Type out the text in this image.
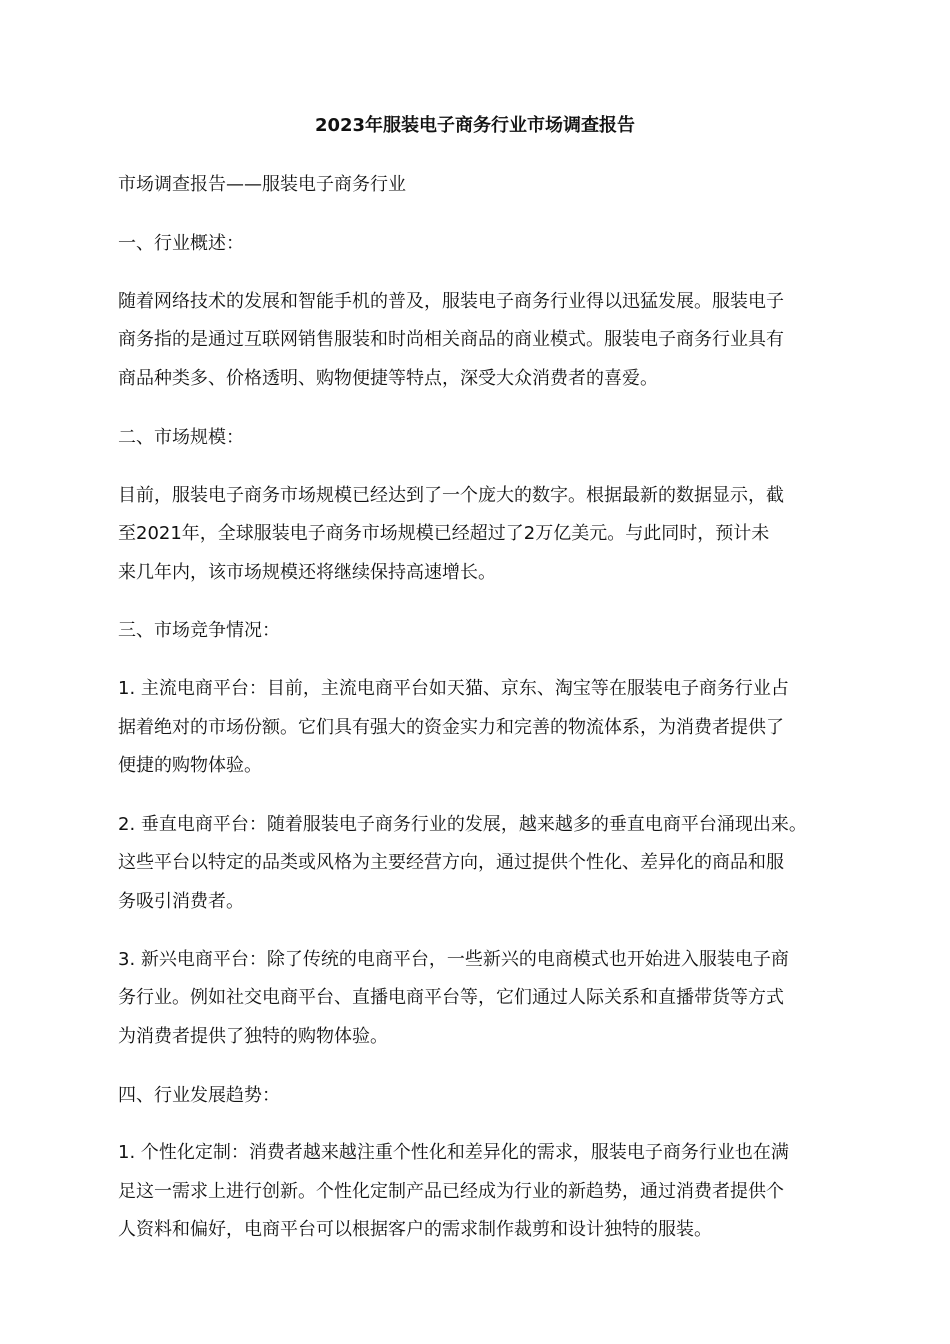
2023年服装电子商务行业市场调查报告
市场调查报告——服装电子商务行业
一、行业概述：
随着网络技术的发展和智能手机的普及，服装电子商务行业得以迅猛发展。服装电子
商务指的是通过互联网销售服装和时尚相关商品的商业模式。服装电子商务行业具有
商品种类多、价格透明、购物便捷等特点，深受大众消费者的喜爱。
二、市场规模：
目前，服装电子商务市场规模已经达到了一个庞大的数字。根据最新的数据显示，截
至2021年，全球服装电子商务市场规模已经超过了2万亿美元。与此同时，预计未
来几年内，该市场规模还将继续保持高速增长。
三、市场竞争情况：
1. 主流电商平台：目前，主流电商平台如天猫、京东、淘宝等在服装电子商务行业占
据着绝对的市场份额。它们具有强大的资金实力和完善的物流体系，为消费者提供了
便捷的购物体验。
2. 垂直电商平台：随着服装电子商务行业的发展，越来越多的垂直电商平台涌现出来。
这些平台以特定的品类或风格为主要经营方向，通过提供个性化、差异化的商品和服
务吸引消费者。
3. 新兴电商平台：除了传统的电商平台，一些新兴的电商模式也开始进入服装电子商
务行业。例如社交电商平台、直播电商平台等，它们通过人际关系和直播带货等方式
为消费者提供了独特的购物体验。
四、行业发展趋势：
1. 个性化定制：消费者越来越注重个性化和差异化的需求，服装电子商务行业也在满
足这一需求上进行创新。个性化定制产品已经成为行业的新趋势，通过消费者提供个
人资料和偏好，电商平台可以根据客户的需求制作裁剪和设计独特的服装。
